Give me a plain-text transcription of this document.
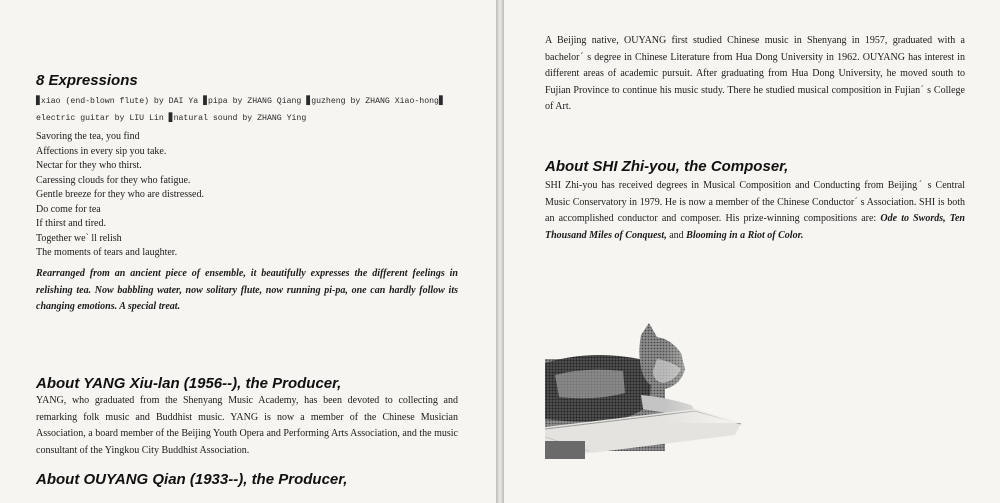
8 Expressions

▊xiao (end-blown flute) by DAI Ya ▊pipa by ZHANG Qiang ▊guzheng by ZHANG Xiao-hong▊ electric guitar by LIU Lin ▊natural sound by ZHANG Ying

Savoring the tea, you find
Affections in every sip you take.
Nectar for they who thirst.
Caressing clouds for they who fatigue.
Gentle breeze for they who are distressed.
Do come for tea
If thirst and tired.
Together weˋ ll relish
The moments of tears and laughter.

Rearranged from an ancient piece of ensemble, it beautifully expresses the different feelings in relishing tea. Now babbling water, now solitary flute, now running pi-pa, one can hardly follow its changing emotions. A special treat.

About YANG Xiu-lan (1956--), the Producer,

YANG, who graduated from the Shenyang Music Academy, has been devoted to collecting and remarking folk music and Buddhist music. YANG is now a member of the Chinese Musician Association, a board member of the Beijing Youth Opera and Performing Arts Association, and the music consultant of the Yingkou City Buddhist Association.

About OUYANG Qian (1933--), the Producer,

A Beijing native, OUYANG first studied Chinese music in Shenyang in 1957, graduated with a bachelorˊ s degree in Chinese Literature from Hua Dong University in 1962. OUYANG has interest in different areas of academic pursuit. After graduating from Hua Dong University, he moved south to Fujian Province to continue his music study. There he studied musical composition in Fujianˊ s College of Art.

About SHI Zhi-you, the Composer,

SHI Zhi-you has received degrees in Musical Composition and Conducting from Beijingˊ s Central Music Conservatory in 1979. He is now a member of the Chinese Conductorˊ s Association. SHI is both an accomplished conductor and composer. His prize-winning compositions are: Ode to Swords, Ten Thousand Miles of Conquest, and Blooming in a Riot of Color.
